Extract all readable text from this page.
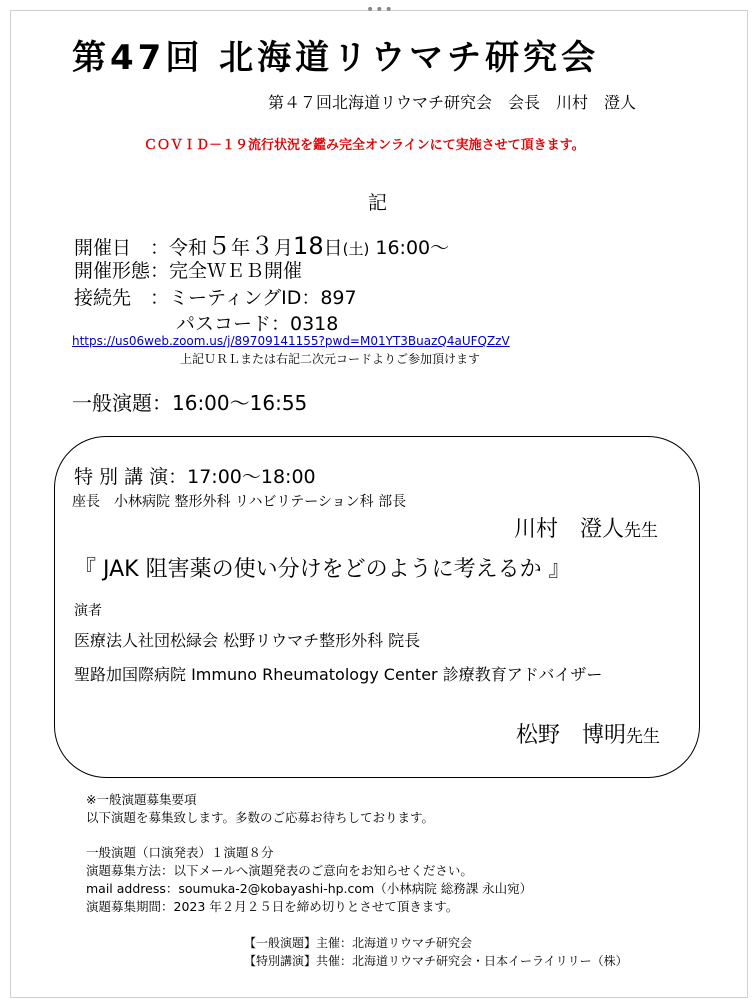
•••
第47回 北海道リウマチ研究会
第４７回北海道リウマチ研究会　会長　川村　澄人
ＣＯＶＩＤ－１９流行状況を鑑み完全オンラインにて実施させて頂きます。
記
開催日　：令和５年３月18日(土) 16:00～
開催形態：完全ＷＥＢ開催
接続先　：ミーティングID：897
パスコード：0318
https://us06web.zoom.us/j/89709141155?pwd=M01YT3BuazQ4aUFQZzV
上記ＵＲＬまたは右記二次元コードよりご参加頂けます
一般演題：16:00～16:55
特 別 講 演：17:00～18:00
座長　小林病院 整形外科 リハビリテーション科 部長
川村　澄人先生
『 JAK 阻害薬の使い分けをどのように考えるか 』
演者
医療法人社団松緑会 松野リウマチ整形外科 院長
聖路加国際病院 Immuno Rheumatology Center 診療教育アドバイザー
松野　博明先生
※一般演題募集要項
以下演題を募集致します。多数のご応募お待ちしております。
一般演題（口演発表）１演題８分
演題募集方法：以下メールへ演題発表のご意向をお知らせください。
mail address：soumuka-2@kobayashi-hp.com（小林病院 総務課 永山宛）
演題募集期間：2023 年２月２５日を締め切りとさせて頂きます。
【一般演題】主催：北海道リウマチ研究会
【特別講演】共催：北海道リウマチ研究会・日本イーライリリー（株）
